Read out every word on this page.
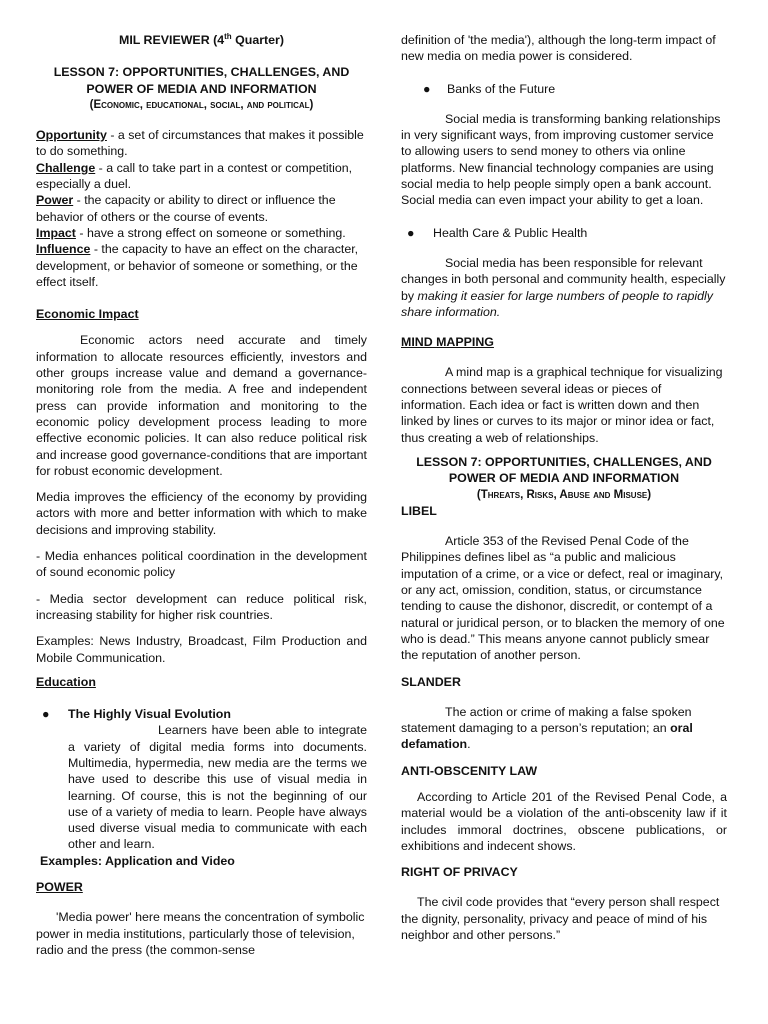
MIL REVIEWER (4th Quarter)

LESSON 7: OPPORTUNITIES, CHALLENGES, AND POWER OF MEDIA AND INFORMATION

(Economic, educational, social, and political)

Opportunity - a set of circumstances that makes it possible to do something.

Challenge - a call to take part in a contest or competition, especially a duel.

Power - the capacity or ability to direct or influence the behavior of others or the course of events.

Impact - have a strong effect on someone or something.

Influence - the capacity to have an effect on the character, development, or behavior of someone or something, or the effect itself.

Economic Impact

Economic actors need accurate and timely information to allocate resources efficiently, investors and other groups increase value and demand a governance-monitoring role from the media. A free and independent press can provide information and monitoring to the economic policy development process leading to more effective economic policies. It can also reduce political risk and increase good governance-conditions that are important for robust economic development.

Media improves the efficiency of the economy by providing actors with more and better information with which to make decisions and improving stability.

- Media enhances political coordination in the development of sound economic policy

- Media sector development can reduce political risk, increasing stability for higher risk countries.

Examples: News Industry, Broadcast, Film Production and Mobile Communication.

Education

● The Highly Visual Evolution

Learners have been able to integrate a variety of digital media forms into documents. Multimedia, hypermedia, new media are the terms we have used to describe this use of visual media in learning. Of course, this is not the beginning of our use of a variety of media to learn. People have always used diverse visual media to communicate with each other and learn.

Examples: Application and Video

POWER

'Media power' here means the concentration of symbolic power in media institutions, particularly those of television, radio and the press (the common-sense

definition of 'the media'), although the long-term impact of new media on media power is considered.

● Banks of the Future

Social media is transforming banking relationships in very significant ways, from improving customer service to allowing users to send money to others via online platforms. New financial technology companies are using social media to help people simply open a bank account. Social media can even impact your ability to get a loan.

● Health Care & Public Health

Social media has been responsible for relevant changes in both personal and community health, especially by making it easier for large numbers of people to rapidly share information.

MIND MAPPING

A mind map is a graphical technique for visualizing connections between several ideas or pieces of information. Each idea or fact is written down and then linked by lines or curves to its major or minor idea or fact, thus creating a web of relationships.

LESSON 7: OPPORTUNITIES, CHALLENGES, AND POWER OF MEDIA AND INFORMATION

(Threats, Risks, Abuse and Misuse)

LIBEL

Article 353 of the Revised Penal Code of the Philippines defines libel as “a public and malicious imputation of a crime, or a vice or defect, real or imaginary, or any act, omission, condition, status, or circumstance tending to cause the dishonor, discredit, or contempt of a natural or juridical person, or to blacken the memory of one who is dead.” This means anyone cannot publicly smear the reputation of another person.

SLANDER

The action or crime of making a false spoken statement damaging to a person’s reputation; an oral defamation.

ANTI-OBSCENITY LAW

According to Article 201 of the Revised Penal Code, a material would be a violation of the anti-obscenity law if it includes immoral doctrines, obscene publications, or exhibitions and indecent shows.

RIGHT OF PRIVACY

The civil code provides that “every person shall respect the dignity, personality, privacy and peace of mind of his neighbor and other persons.”
